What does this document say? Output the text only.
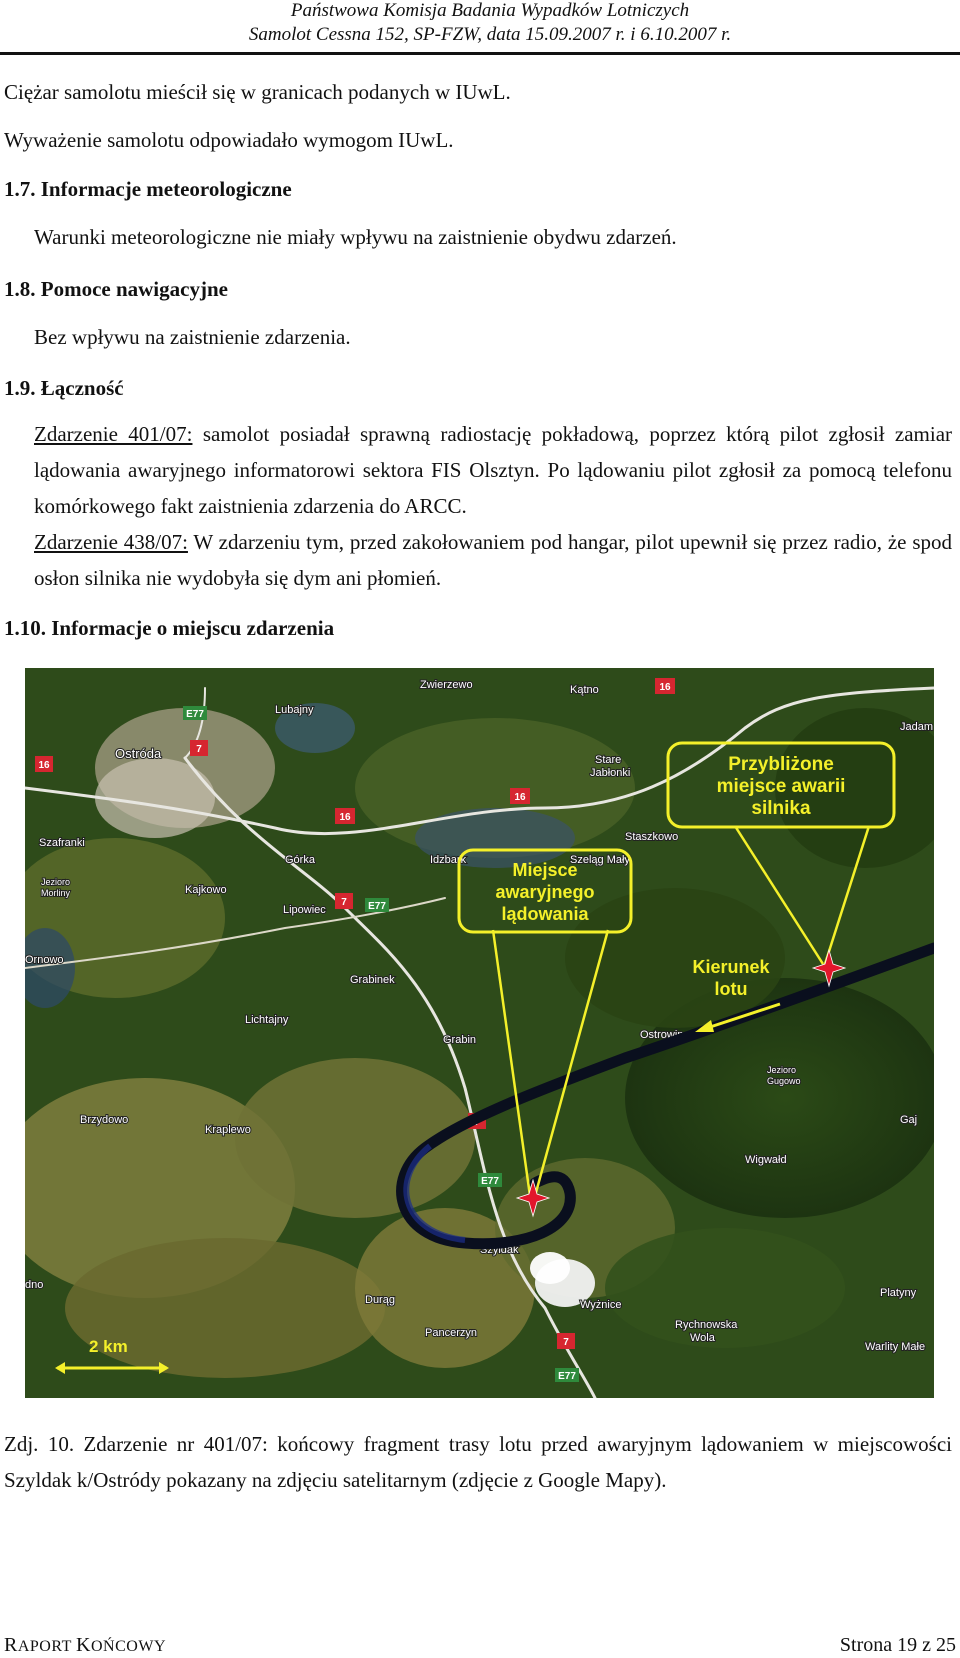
Państwowa Komisja Badania Wypadków Lotniczych
Samolot Cessna 152, SP-FZW, data 15.09.2007 r. i 6.10.2007 r.
Ciężar samolotu mieścił się w granicach podanych w IUwL.
Wyważenie samolotu odpowiadało wymogom IUwL.
1.7. Informacje meteorologiczne
Warunki meteorologiczne nie miały wpływu na zaistnienie obydwu zdarzeń.
1.8. Pomoce nawigacyjne
Bez wpływu na zaistnienie zdarzenia.
1.9. Łączność
Zdarzenie 401/07: samolot posiadał sprawną radiostację pokładową, poprzez którą pilot zgłosił zamiar lądowania awaryjnego informatorowi sektora FIS Olsztyn. Po lądowaniu pilot zgłosił za pomocą telefonu komórkowego fakt zaistnienia zdarzenia do ARCC.
Zdarzenie 438/07: W zdarzeniu tym, przed zakołowaniem pod hangar, pilot upewnił się przez radio, że spod osłon silnika nie wydobyła się dym ani płomień.
1.10. Informacje o miejscu zdarzenia
E77
7
16
16
16
16
7 E77
7
E77
7
E77
Zwierzewo	Kątno
Lubajny
Ostróda	Stare
Jabłonki
Jadam
Szafranki	Staszkowo
Szeląg Mały
Górka	Idzbark
Jezioro
Morliny	Kajkowo
Lipowiec
Ornowo
Grabinek
Lichtajny
Grabin	Ostrowin
Jezioro
Gugowo
Brzydowo
Kraplewo
Gaj
Wigwałd
Szyldak
Durąg	Wyżnice
dno
Platyny
Pancerzyn
Rychnowska
Wola
Warlity Małe
Przybliżone
miejsce awarii
silnika
Miejsce
awaryjnego
lądowania
Kierunek
lotu
2 km
Zdj. 10. Zdarzenie nr 401/07: końcowy fragment trasy lotu przed awaryjnym lądowaniem w miejscowości Szyldak k/Ostródy pokazany na zdjęciu satelitarnym (zdjęcie z Google Mapy).
RAPORT KOŃCOWY	Strona 19 z 25
